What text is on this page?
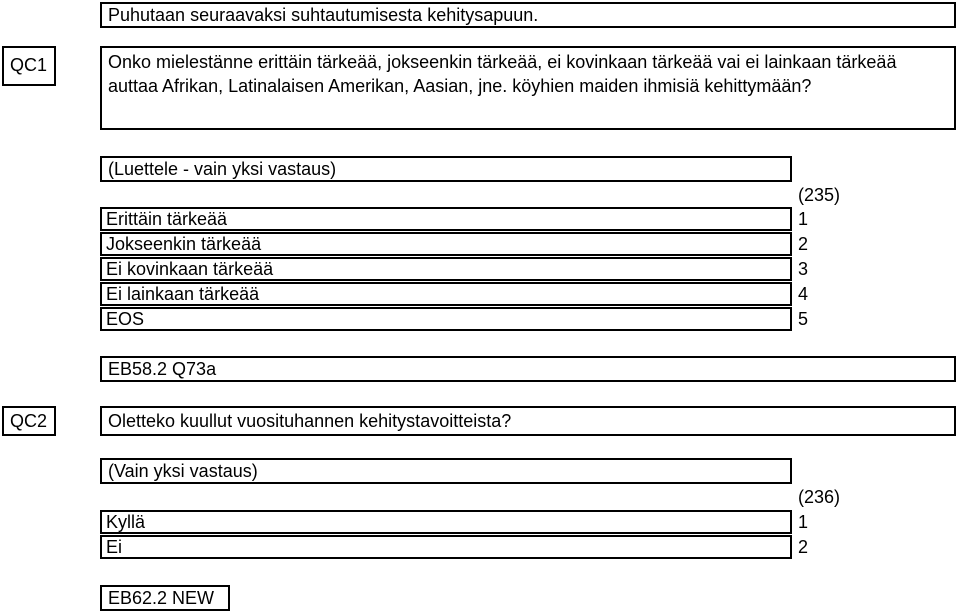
Puhutaan seuraavaksi suhtautumisesta kehitysapuun.
QC1	Onko mielestänne erittäin tärkeää, jokseenkin tärkeää, ei kovinkaan tärkeää vai ei lainkaan tärkeää auttaa Afrikan, Latinalaisen Amerikan, Aasian, jne. köyhien maiden ihmisiä kehittymään?
(Luettele - vain yksi vastaus)
(235)
Erittäin tärkeää	1
Jokseenkin tärkeää	2
Ei kovinkaan tärkeää	3
Ei lainkaan tärkeää	4
EOS	5
EB58.2 Q73a
QC2	Oletteko kuullut vuosituhannen kehitystavoitteista?
(Vain yksi vastaus)
(236)
Kyllä	1
Ei	2
EB62.2 NEW
